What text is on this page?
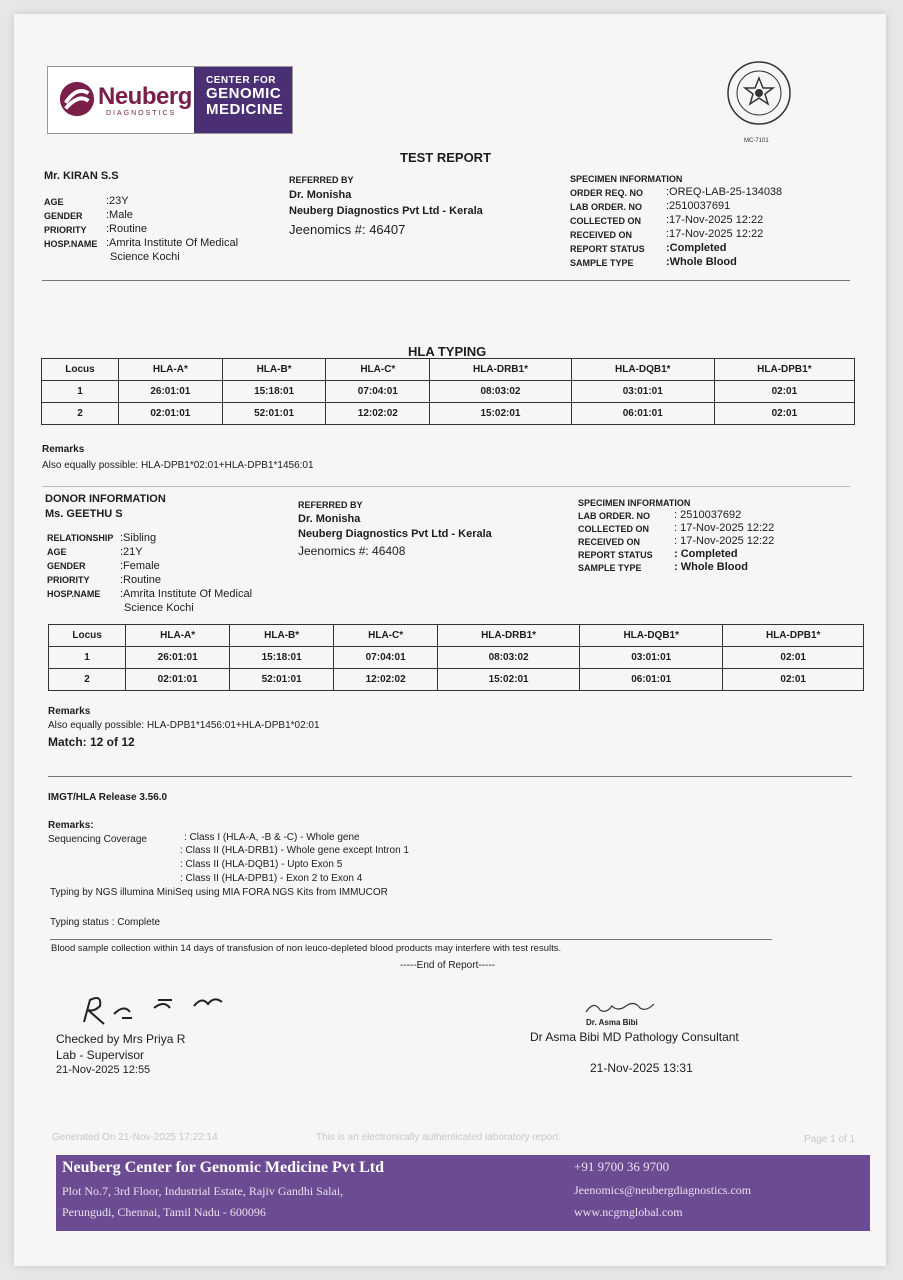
Neuberg
DIAGNOSTICS
CENTER FOR
GENOMIC
MEDICINE
MC-7101
TEST REPORT
Mr. KIRAN S.S
AGE	:23Y
GENDER :Male
PRIORITY :Routine
HOSP.NAME :Amrita Institute Of Medical
Science Kochi
REFERRED BY
Dr. Monisha
Neuberg Diagnostics Pvt Ltd - Kerala
Jeenomics #: 46407
SPECIMEN INFORMATION
ORDER REQ. NO :OREQ-LAB-25-134038
LAB ORDER. NO :2510037691
COLLECTED ON :17-Nov-2025 12:22
RECEIVED ON	:17-Nov-2025 12:22
REPORT STATUS :Completed
SAMPLE TYPE	:Whole Blood
HLA TYPING
Locus	HLA-A*	HLA-B*	HLA-C*	HLA-DRB1*	HLA-DQB1*	HLA-DPB1*
1	26:01:01	15:18:01	07:04:01	08:03:02	03:01:01	02:01
2	02:01:01	52:01:01	12:02:02	15:02:01	06:01:01	02:01
Remarks
Also equally possible: HLA-DPB1*02:01+HLA-DPB1*1456:01
DONOR INFORMATION
Ms. GEETHU S
RELATIONSHIP :Sibling
AGE	:21Y
GENDER	:Female
PRIORITY	:Routine
HOSP.NAME :Amrita Institute Of Medical
Science Kochi
REFERRED BY
Dr. Monisha
Neuberg Diagnostics Pvt Ltd - Kerala
Jeenomics #: 46408
SPECIMEN INFORMATION
LAB ORDER. NO : 2510037692
COLLECTED ON : 17-Nov-2025 12:22
RECEIVED ON	: 17-Nov-2025 12:22
REPORT STATUS : Completed
SAMPLE TYPE	: Whole Blood
Locus	HLA-A*	HLA-B*	HLA-C*	HLA-DRB1*	HLA-DQB1*	HLA-DPB1*
1	26:01:01	15:18:01	07:04:01	08:03:02	03:01:01	02:01
2	02:01:01	52:01:01	12:02:02	15:02:01	06:01:01	02:01
Remarks
Also equally possible: HLA-DPB1*1456:01+HLA-DPB1*02:01
Match: 12 of 12
IMGT/HLA Release 3.56.0
Remarks:
Sequencing Coverage	: Class I (HLA-A, -B & -C) - Whole gene
: Class II (HLA-DRB1) - Whole gene except Intron 1
: Class II (HLA-DQB1) - Upto Exon 5
: Class II (HLA-DPB1) - Exon 2 to Exon 4
Typing by NGS illumina MiniSeq using MIA FORA NGS Kits from IMMUCOR
Typing status : Complete
Blood sample collection within 14 days of transfusion of non leuco-depleted blood products may interfere with test results.
-----End of Report-----
Checked by Mrs Priya R
Lab - Supervisor
21-Nov-2025 12:55
Dr. Asma Bibi
Dr Asma Bibi MD Pathology Consultant
21-Nov-2025 13:31
Generated On 21-Nov-2025 17:22:14	This is an electronically authenticated laboratory report.	Page 1 of 1
Neuberg Center for Genomic Medicine Pvt Ltd
Plot No.7, 3rd Floor, Industrial Estate, Rajiv Gandhi Salai,
Perungudi, Chennai, Tamil Nadu - 600096
+91 9700 36 9700
Jeenomics@neubergdiagnostics.com
www.ncgmglobal.com
